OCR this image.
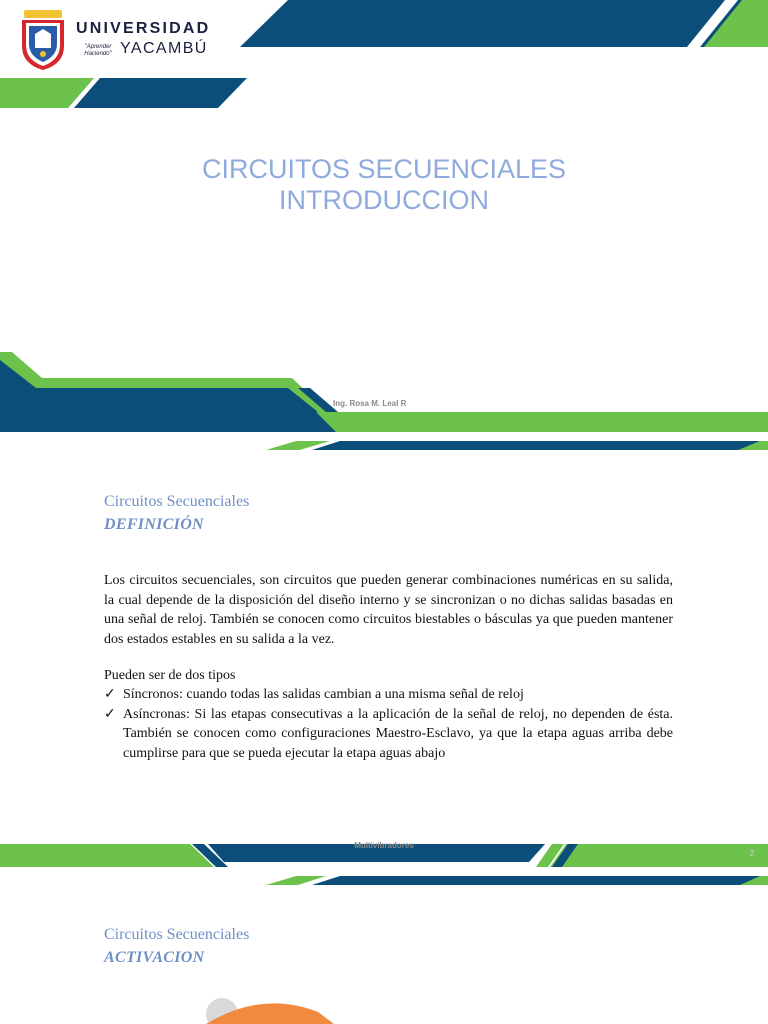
UNIVERSIDAD
"Aprender Haciendo" YACAMBÚ
CIRCUITOS SECUENCIALES
INTRODUCCION
Ing. Rosa M. Leal R
Circuitos Secuenciales
DEFINICIÓN
Los circuitos secuenciales, son circuitos que pueden generar combinaciones numéricas en su salida, la cual depende de la disposición del diseño interno y se sincronizan o no dichas salidas basadas en una señal de reloj. También se conocen como circuitos biestables o básculas ya que pueden mantener dos estados estables en su salida a la vez.
Pueden ser de dos tipos
✓ Síncronos: cuando todas las salidas cambian a una misma señal de reloj
✓ Asíncronas: Si las etapas consecutivas a la aplicación de la señal de reloj, no dependen de ésta. También se conocen como configuraciones Maestro-Esclavo, ya que la etapa aguas arriba debe cumplirse para que se pueda ejecutar la etapa aguas abajo
Multivibradores
2
Circuitos Secuenciales
ACTIVACION
